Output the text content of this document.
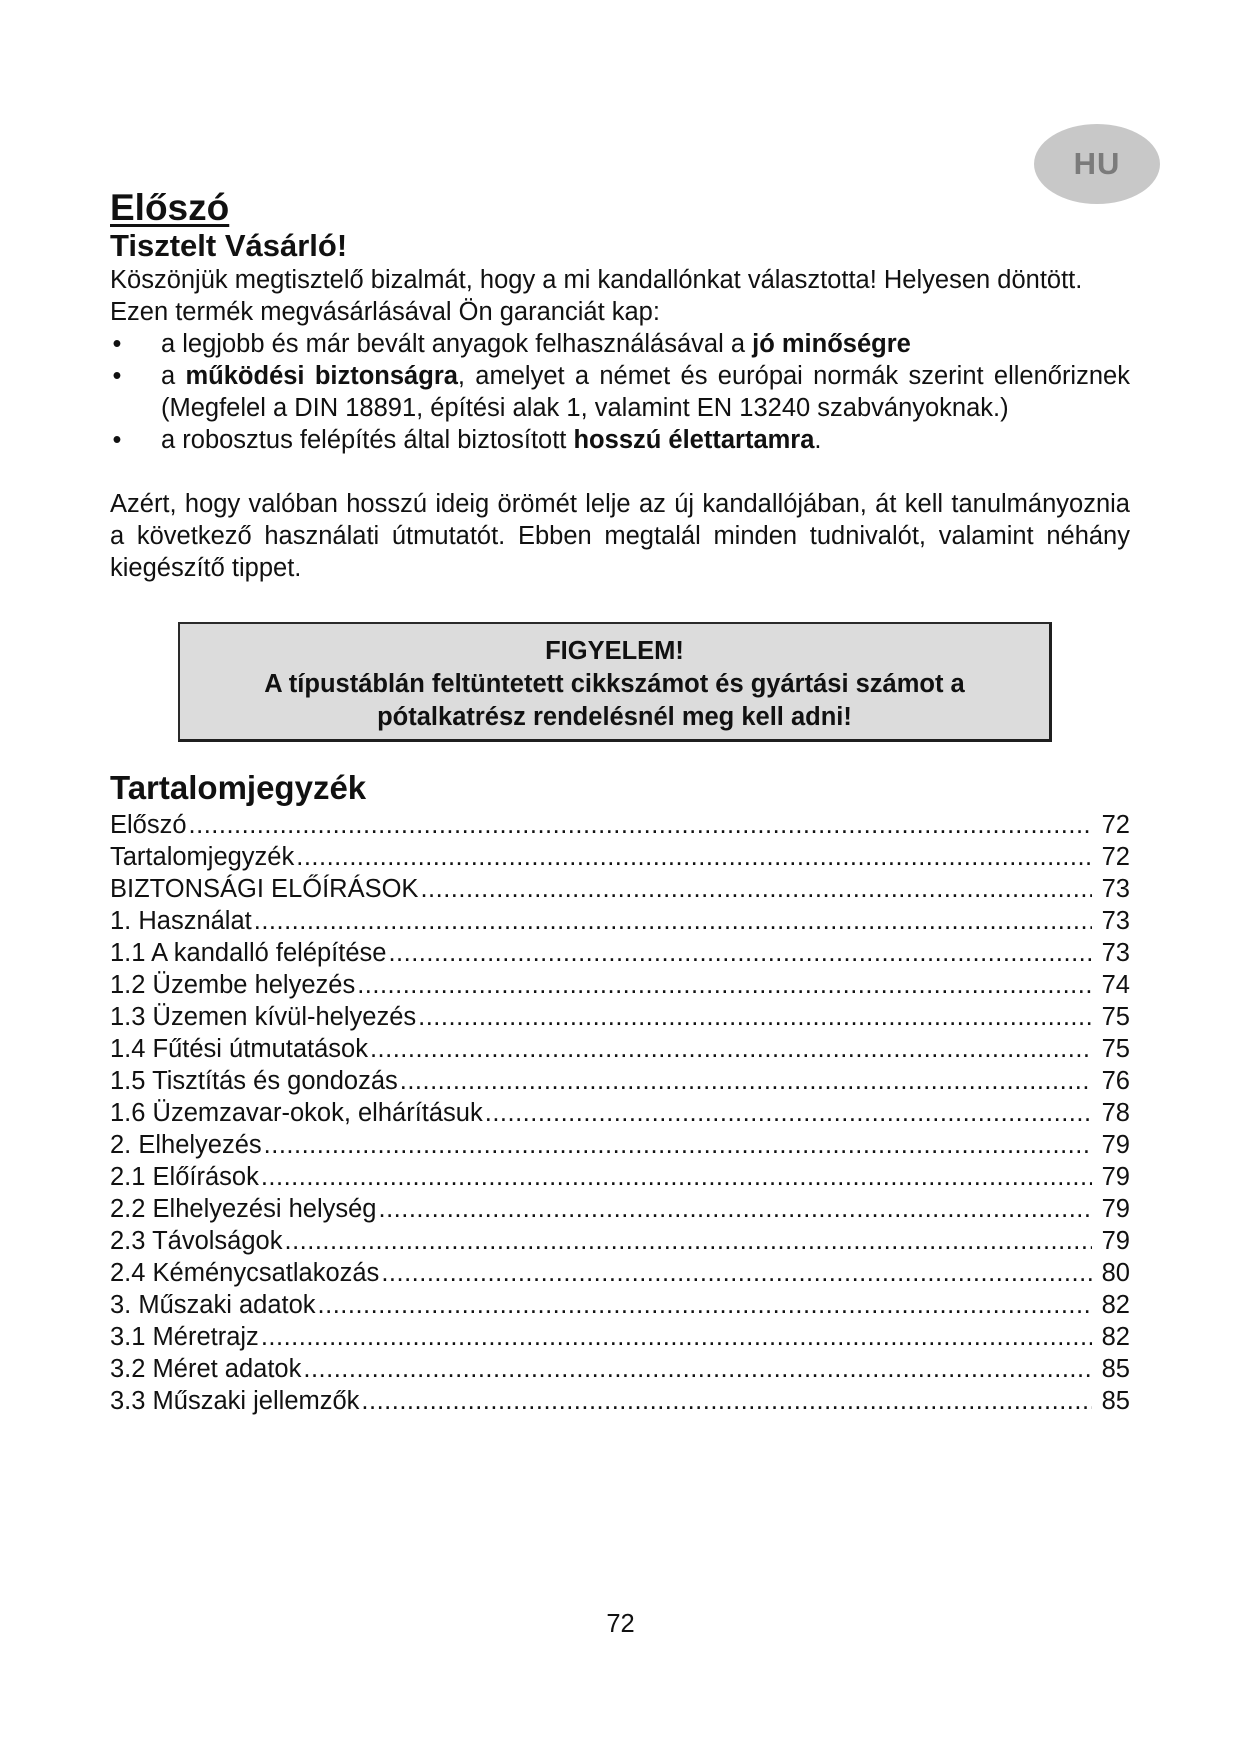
HU
Előszó
Tisztelt Vásárló!

Köszönjük megtisztelő bizalmát, hogy a mi kandallónkat választotta! Helyesen döntött.

Ezen termék megvásárlásával Ön garanciát kap:

• a legjobb és már bevált anyagok felhasználásával a jó minőségre
• a működési biztonságra, amelyet a német és európai normák szerint ellenőriznek (Megfelel a DIN 18891, építési alak 1, valamint EN 13240 szabványoknak.)
• a robosztus felépítés által biztosított hosszú élettartamra.

Azért, hogy valóban hosszú ideig örömét lelje az új kandallójában, át kell tanulmányoznia a következő használati útmutatót. Ebben megtalál minden tudnivalót, valamint néhány kiegészítő tippet.

FIGYELEM!
A típustáblán feltüntetett cikkszámot és gyártási számot a
pótalkatrész rendelésnél meg kell adni!
Tartalomjegyzék
Előszó .....	72
Tartalomjegyzék .....	72
BIZTONSÁGI ELŐÍRÁSOK .....	73
1. Használat .....	73
1.1 A kandalló felépítése .....	73
1.2 Üzembe helyezés .....	74
1.3 Üzemen kívül-helyezés .....	75
1.4 Fűtési útmutatások .....	75
1.5 Tisztítás és gondozás .....	76
1.6 Üzemzavar-okok, elhárításuk .....	78
2. Elhelyezés .....	79
2.1 Előírások .....	79
2.2 Elhelyezési helység .....	79
2.3 Távolságok .....	79
2.4 Kéménycsatlakozás .....	80
3. Műszaki adatok .....	82
3.1 Méretrajz .....	82
3.2 Méret adatok .....	85
3.3 Műszaki jellemzők .....	85
72
